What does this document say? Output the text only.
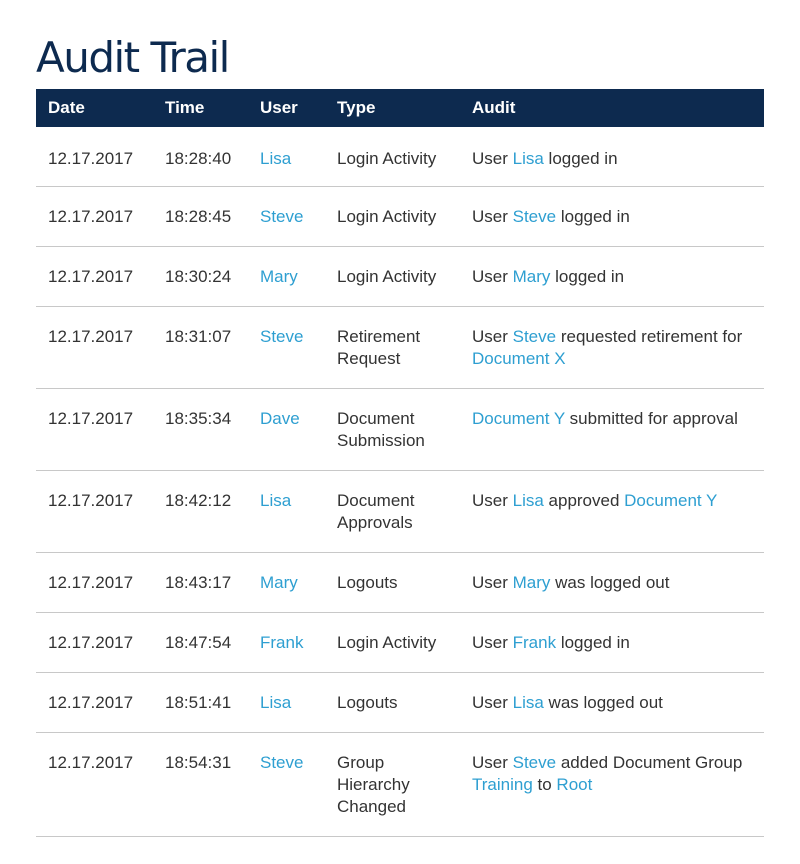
Audit Trail
Date	Time	User	Type	Audit
12.17.2017	18:28:40	Lisa	Login Activity	User Lisa logged in
12.17.2017	18:28:45	Steve	Login Activity	User Steve logged in
12.17.2017	18:30:24	Mary	Login Activity	User Mary logged in
12.17.2017	18:31:07	Steve	Retirement Request	User Steve requested retirement for Document X
12.17.2017	18:35:34	Dave	Document Submission	Document Y submitted for approval
12.17.2017	18:42:12	Lisa	Document Approvals	User Lisa approved Document Y
12.17.2017	18:43:17	Mary	Logouts	User Mary was logged out
12.17.2017	18:47:54	Frank	Login Activity	User Frank logged in
12.17.2017	18:51:41	Lisa	Logouts	User Lisa was logged out
12.17.2017	18:54:31	Steve	Group Hierarchy Changed	User Steve added Document Group Training to Root
